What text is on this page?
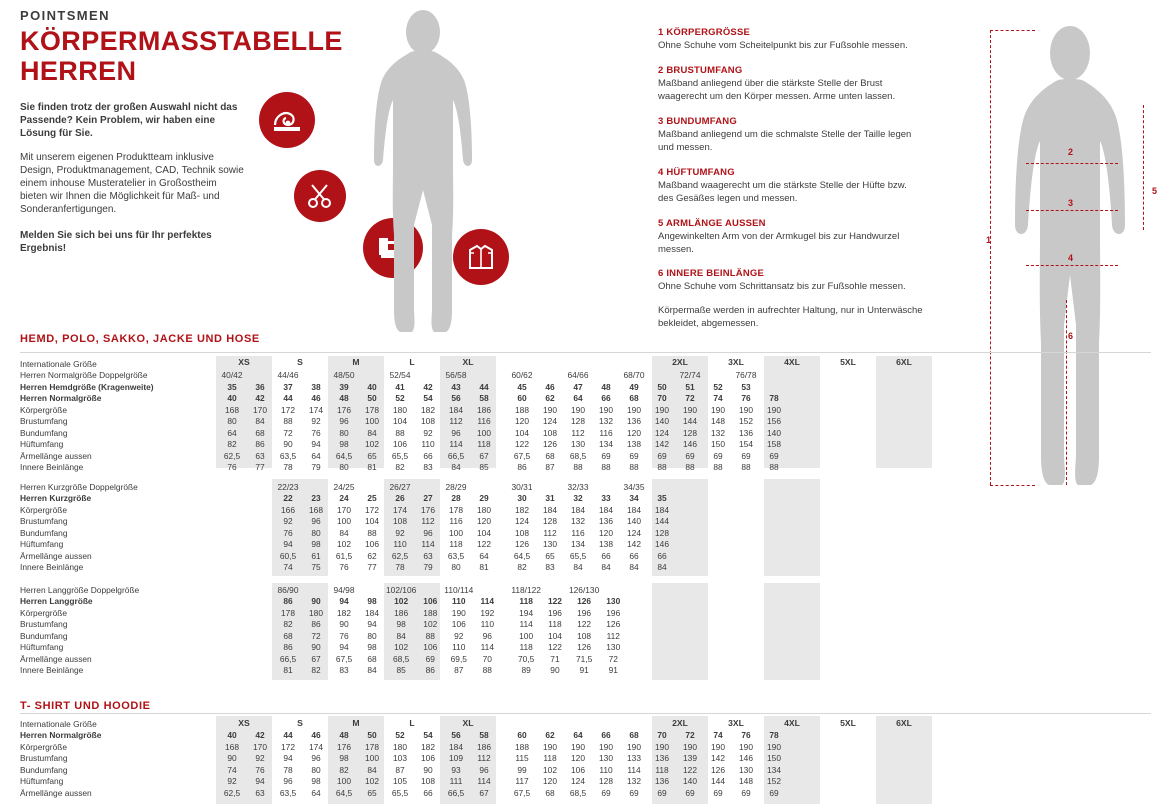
POINTSMEN
KÖRPERMASSTABELLE
HERREN
Sie finden trotz der großen Auswahl nicht das Passende? Kein Problem, wir haben eine Lösung für Sie.
Mit unserem eigenen Produktteam inklusive Design, Produktmanagement, CAD, Technik sowie einem inhouse Musteratelier in Großostheim bieten wir Ihnen die Möglichkeit für Maß- und Sonderanfertigungen.
Melden Sie sich bei uns für Ihr perfektes Ergebnis!
1 KÖRPERGRÖSSE

Ohne Schuhe vom Scheitelpunkt bis zur Fußsohle messen.

2 BRUSTUMFANG

Maßband anliegend über die stärkste Stelle der Brust waagerecht um den Körper messen. Arme unten lassen.

3 BUNDUMFANG

Maßband anliegend um die schmalste Stelle der Taille legen und messen.

4 HÜFTUMFANG

Maßband waagerecht um die stärkste Stelle der Hüfte bzw. des Gesäßes legen und messen.

5 ARMLÄNGE AUSSEN

Angewinkelten Arm von der Armkugel bis zur Handwurzel messen.

6 INNERE BEINLÄNGE

Ohne Schuhe vom Schrittansatz bis zur Fußsohle messen.

Körpermaße werden in aufrechter Haltung, nur in Unterwäsche bekleidet, abgemessen.
1
2
3
4
5
6
HEMD, POLO, SAKKO, JACKE UND HOSE
XS	S	M	L	XL	2XL	3XL	4XL	5XL	6XL
Internationale Größe																					
Herren Normalgröße Doppelgröße	40/42		44/46		48/50		52/54		56/58			60/62		64/66		68/70		72/74		76/78	
Herren Hemdgröße (Kragenweite)	35	36	37	38	39	40	41	42	43	44		45	46	47	48	49	50	51	52	53	
Herren Normalgröße	40	42	44	46	48	50	52	54	56	58		60	62	64	66	68	70	72	74	76	78
Körpergröße	168	170	172	174	176	178	180	182	184	186		188	190	190	190	190	190	190	190	190	190
Brustumfang	80	84	88	92	96	100	104	108	112	116		120	124	128	132	136	140	144	148	152	156
Bundumfang	64	68	72	76	80	84	88	92	96	100		104	108	112	116	120	124	128	132	136	140
Hüftumfang	82	86	90	94	98	102	106	110	114	118		122	126	130	134	138	142	146	150	154	158
Ärmellänge aussen	62,5	63	63,5	64	64,5	65	65,5	66	66,5	67		67,5	68	68,5	69	69	69	69	69	69	69
Innere Beinlänge	76	77	78	79	80	81	82	83	84	85		86	87	88	88	88	88	88	88	88	88
Herren Kurzgröße Doppelgröße			22/23		24/25		26/27		28/29			30/31		32/33		34/35					
Herren Kurzgröße			22	23	24	25	26	27	28	29		30	31	32	33	34	35				
Körpergröße			166	168	170	172	174	176	178	180		182	184	184	184	184	184				
Brustumfang			92	96	100	104	108	112	116	120		124	128	132	136	140	144				
Bundumfang			76	80	84	88	92	96	100	104		108	112	116	120	124	128				
Hüftumfang			94	98	102	106	110	114	118	122		126	130	134	138	142	146				
Ärmellänge aussen			60,5	61	61,5	62	62,5	63	63,5	64		64,5	65	65,5	66	66	66				
Innere Beinlänge			74	75	76	77	78	79	80	81		82	83	84	84	84	84				
Herren Langgröße Doppelgröße			86/90		94/98		102/106		110/114			118/122		126/130							
Herren Langgröße			86	90	94	98	102	106	110	114		118	122	126	130						
Körpergröße			178	180	182	184	186	188	190	192		194	196	196	196						
Brustumfang			82	86	90	94	98	102	106	110		114	118	122	126						
Bundumfang			68	72	76	80	84	88	92	96		100	104	108	112						
Hüftumfang			86	90	94	98	102	106	110	114		118	122	126	130						
Ärmellänge aussen			66,5	67	67,5	68	68,5	69	69,5	70		70,5	71	71,5	72						
Innere Beinlänge			81	82	83	84	85	86	87	88		89	90	91	91						
T- SHIRT UND HOODIE
XS	S	M	L	XL	2XL	3XL	4XL	5XL	6XL
Internationale Größe																					
Herren Normalgröße	40	42	44	46	48	50	52	54	56	58		60	62	64	66	68	70	72	74	76	78
Körpergröße	168	170	172	174	176	178	180	182	184	186		188	190	190	190	190	190	190	190	190	190
Brustumfang	90	92	94	96	98	100	103	106	109	112		115	118	120	130	133	136	139	142	146	150
Bundumfang	74	76	78	80	82	84	87	90	93	96		99	102	106	110	114	118	122	126	130	134
Hüftumfang	92	94	96	98	100	102	105	108	111	114		117	120	124	128	132	136	140	144	148	152
Ärmellänge aussen	62,5	63	63,5	64	64,5	65	65,5	66	66,5	67		67,5	68	68,5	69	69	69	69	69	69	69
